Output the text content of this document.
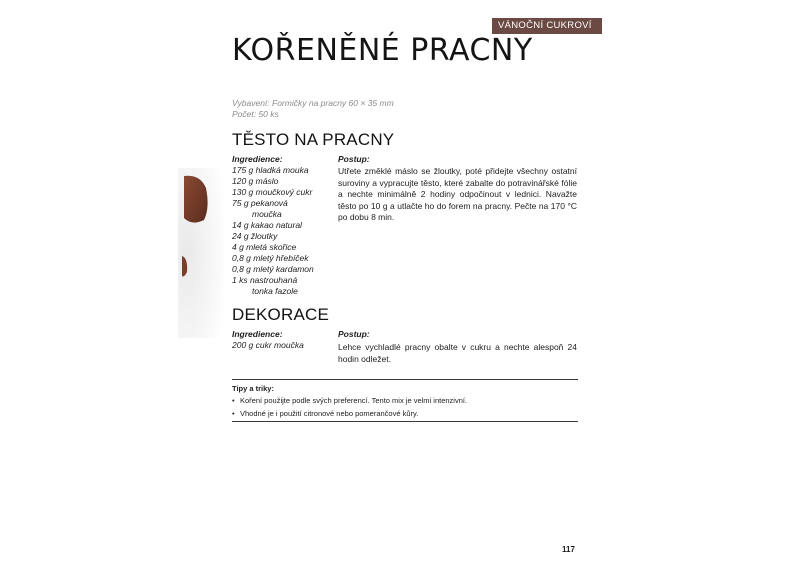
VÁNOČNÍ CUKROVÍ
KOŘENĚNÉ PRACNY
Vybavení: Formičky na pracny 60 × 35 mm
Počet: 50 ks
TĚSTO NA PRACNY
Ingredience:	Postup:
175 g hladká mouka
120 g máslo
130 g moučkový cukr
75 g pekanová
moučka
14 g kakao natural
24 g žloutky
4 g mletá skořice
0,8 g mletý hřebíček
0,8 g mletý kardamon
1 ks nastrouhaná
tonka fazole

Utřete změklé máslo se žloutky, poté přidejte všechny ostatní suroviny a vypracujte těsto, které zabalte do potravinářské fólie a nechte minimálně 2 hodiny odpočinout v lednici. Navažte těsto po 10 g a utlačte ho do forem na pracny. Pečte na 170 °C po dobu 8 min.

DEKORACE
Ingredience:	Postup:
200 g cukr moučka	Lehce vychladlé pracny obalte v cukru a nechte alespoň 24 hodin odležet.

Tipy a triky:
• Koření použijte podle svých preferencí. Tento mix je velmi intenzivní.
• Vhodné je i použití citronové nebo pomerančové kůry.
117
